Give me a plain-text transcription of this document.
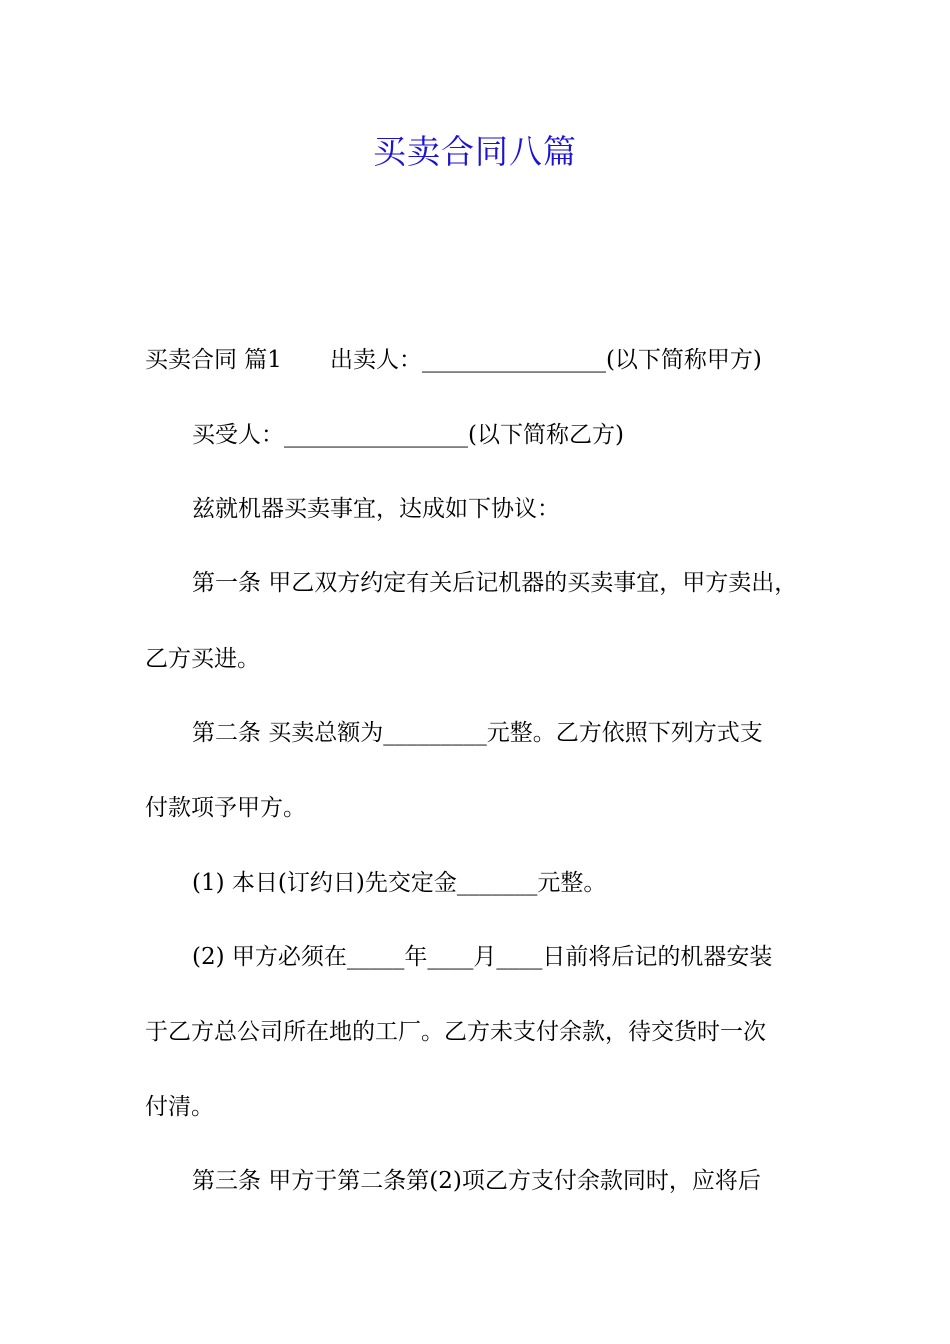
买卖合同八篇
买卖合同 篇1 出卖人：________________(以下简称甲方)
买受人：________________(以下简称乙方)
兹就机器买卖事宜，达成如下协议：
第一条 甲乙双方约定有关后记机器的买卖事宜，甲方卖出，
乙方买进。
第二条 买卖总额为_________元整。乙方依照下列方式支
付款项予甲方。
(1) 本日(订约日)先交定金_______元整。
(2) 甲方必须在_____年____月____日前将后记的机器安装
于乙方总公司所在地的工厂。乙方未支付余款，待交货时一次
付清。
第三条 甲方于第二条第(2)项乙方支付余款同时，应将后
